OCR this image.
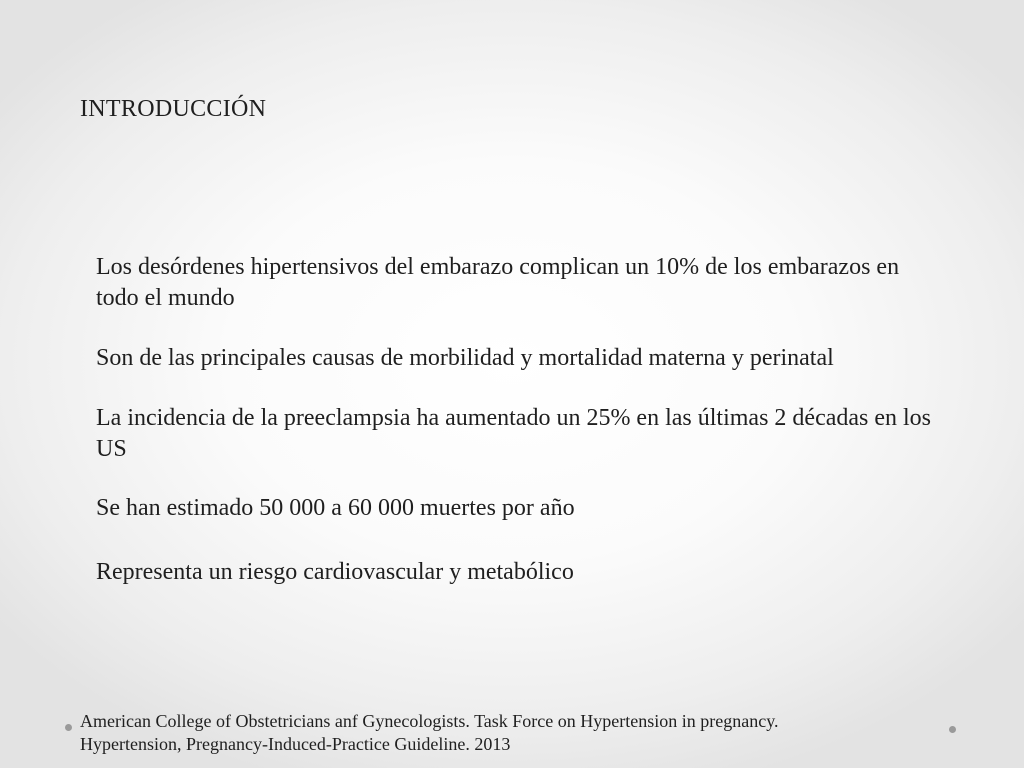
INTRODUCCIÓN
Los desórdenes hipertensivos del embarazo complican un 10% de los embarazos en todo el mundo
Son de las principales causas de morbilidad y mortalidad materna y perinatal
La incidencia de la preeclampsia ha aumentado un 25% en las últimas 2 décadas en los US
Se han estimado 50 000 a 60 000 muertes por año
Representa un riesgo cardiovascular y metabólico

American College of Obstetricians anf Gynecologists. Task Force on Hypertension in pregnancy.
Hypertension, Pregnancy-Induced-Practice Guideline. 2013
